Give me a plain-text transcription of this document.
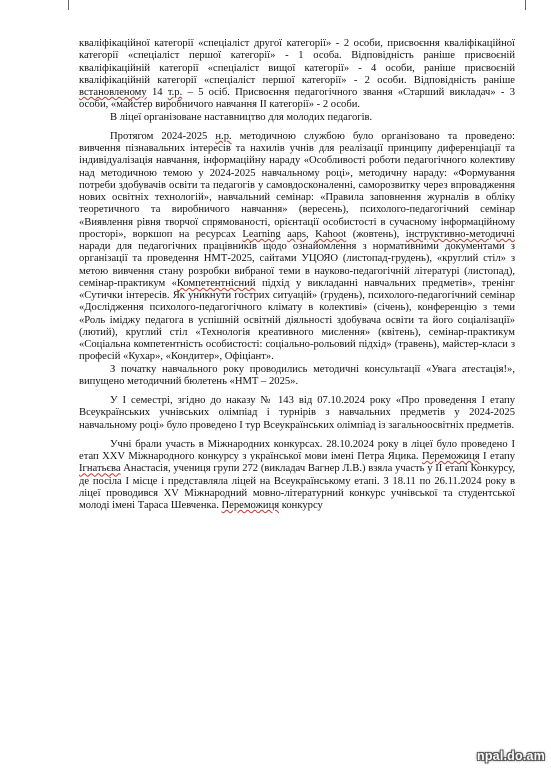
кваліфікаційної категорії «спеціаліст другої категорії» - 2 особи, присвоєння кваліфікаційної категорії «спеціаліст першої категорії» - 1 особа. Відповідність раніше присвоєній кваліфікаційній категорії «спеціаліст вищої категорії» - 4 особи, раніше присвоєній кваліфікаційній категорії «спеціаліст першої категорії» - 2 особи. Відповідність раніше встановленому 14 т.р. – 5 осіб. Присвоєння педагогічного звання «Старший викладач» - 3 особи, «майстер виробничого навчання ІІ категорії» - 2 особи.

В ліцеї організоване наставництво для молодих педагогів.

Протягом 2024-2025 н.р. методичною службою було організовано та проведено: вивчення пізнавальних інтересів та нахилів учнів для реалізації принципу диференціації та індивідуалізація навчання, інформаційну нараду «Особливості роботи педагогічного колективу над методичною темою у 2024-2025 навчальному році», методичну нараду: «Формування потреби здобувачів освіти та педагогів у самовдосконаленні, саморозвитку через впровадження нових освітніх технологій», навчальний семінар: «Правила заповнення журналів в обліку теоретичного та виробничого навчання» (вересень), психолого-педагогічний семінар «Виявлення рівня творчої спрямованості, орієнтації особистості в сучасному інформаційному просторі», воркшоп на ресурсах Learning aaps, Kahoot (жовтень), інструктивно-методичні наради для педагогічних працівників щодо ознайомлення з нормативними документами з організації та проведення НМТ-2025, сайтами УЦОЯО (листопад-грудень), «круглий стіл» з метою вивчення стану розробки вибраної теми в науково-педагогічній літературі (листопад), семінар-практикум «Компетентнісний підхід у викладанні навчальних предметів», тренінг «Сутички інтересів. Як уникнути гострих ситуацій» (грудень), психолого-педагогічний семінар «Дослідження психолого-педагогічного клімату в колективі» (січень), конференцію з теми «Роль іміджу педагога в успішній освітній діяльності здобувача освіти та його соціалізації» (лютий), круглий стіл «Технологія креативного мислення» (квітень), семінар-практикум «Соціальна компетентність особистості: соціально-рольовий підхід» (травень), майстер-класи з професій «Кухар», «Кондитер», Офіціант».

З початку навчального року проводились методичні консультації «Увага атестація!», випущено методичний бюлетень «НМТ – 2025».

У І семестрі, згідно до наказу № 143 від 07.10.2024 року «Про проведення І етапу Всеукраїнських учнівських олімпіад і турнірів з навчальних предметів у 2024-2025 навчальному році» було проведено І тур Всеукраїнських олімпіад із загальноосвітніх предметів.

Учні брали участь в Міжнародних конкурсах. 28.10.2024 року в ліцеї було проведено І етап XXV Міжнародного конкурсу з української мови імені Петра Яцика. Переможиця І етапу Ігнатьєва Анастасія, учениця групи 272 (викладач Вагнер Л.В.) взяла участь у ІІ етапі Конкурсу, де посіла І місце і представляла ліцей на Всеукраїнському етапі. З 18.11 по 26.11.2024 року в ліцеї проводився XV Міжнародний мовно-літературний конкурс учнівської та студентської молоді імені Тараса Шевченка. Переможиця конкурсу

npal.do.am
